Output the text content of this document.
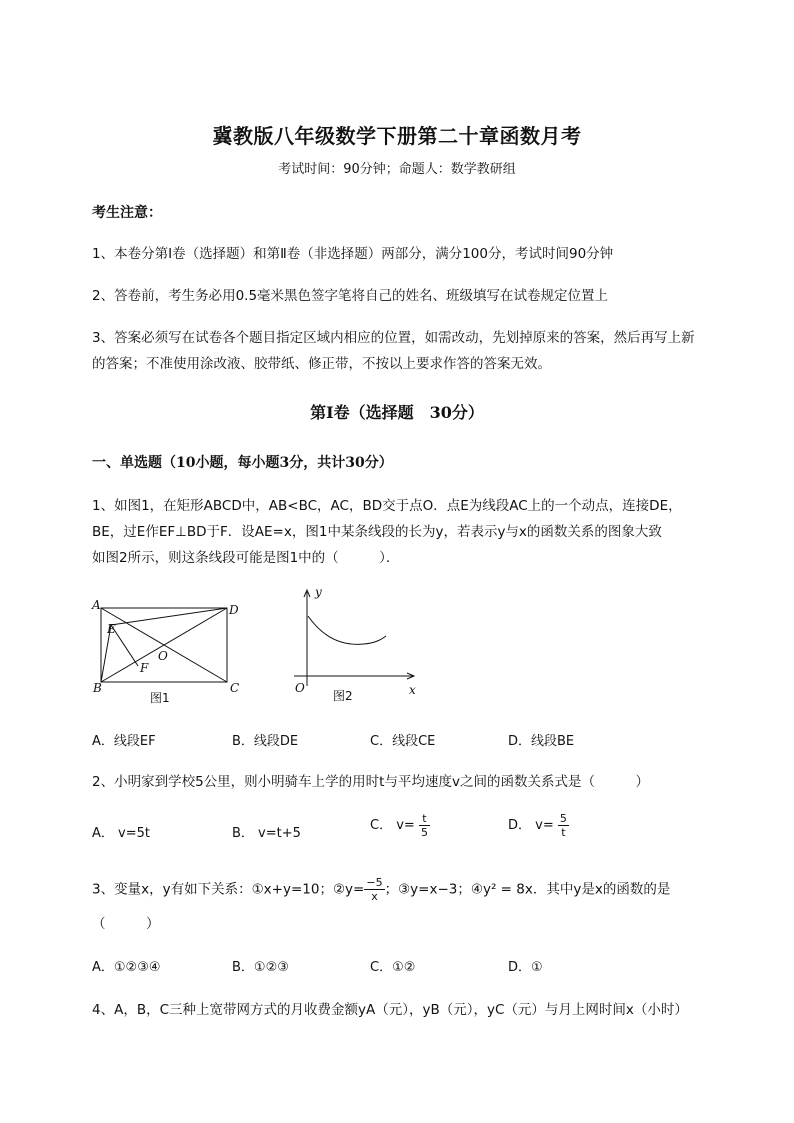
冀教版八年级数学下册第二十章函数月考
考试时间：90分钟；命题人：数学教研组
考生注意：
1、本卷分第I卷（选择题）和第Ⅱ卷（非选择题）两部分，满分100分，考试时间90分钟
2、答卷前，考生务必用0.5毫米黑色签字笔将自己的姓名、班级填写在试卷规定位置上
3、答案必须写在试卷各个题目指定区域内相应的位置，如需改动，先划掉原来的答案，然后再写上新
的答案；不准使用涂改液、胶带纸、修正带，不按以上要求作答的答案无效。
第I卷（选择题　30分）
一、单选题（10小题，每小题3分，共计30分）
1、如图1，在矩形ABCD中，AB<BC，AC，BD交于点O．点E为线段AC上的一个动点，连接DE，
BE，过E作EF⊥BD于F．设AE=x，图1中某条线段的长为y，若表示y与x的函数关系的图象大致
如图2所示，则这条线段可能是图1中的（　　　）．
A
B	C
D
E
F
O
图1
y
x
O
图2
A．线段EF	B．线段DE	C．线段CE	D．线段BE
2、小明家到学校5公里，则小明骑车上学的用时t与平均速度v之间的函数关系式是（　　　）
A． v=5t	B． v=t+5
C． $v= \frac{t}{5}$	D． $v= \frac{5}{t}$
3、变量x，y有如下关系：①x+y=10；②y= $\frac{-5}{x}$ ；③y=x−3；④y² = 8x．其中y是x的函数的是
（　　　）
A．①②③④	B．①②③	C．①②	D．①
4、A，B，C三种上宽带网方式的月收费金额yA（元），yB（元），yC（元）与月上网时间x（小时）
